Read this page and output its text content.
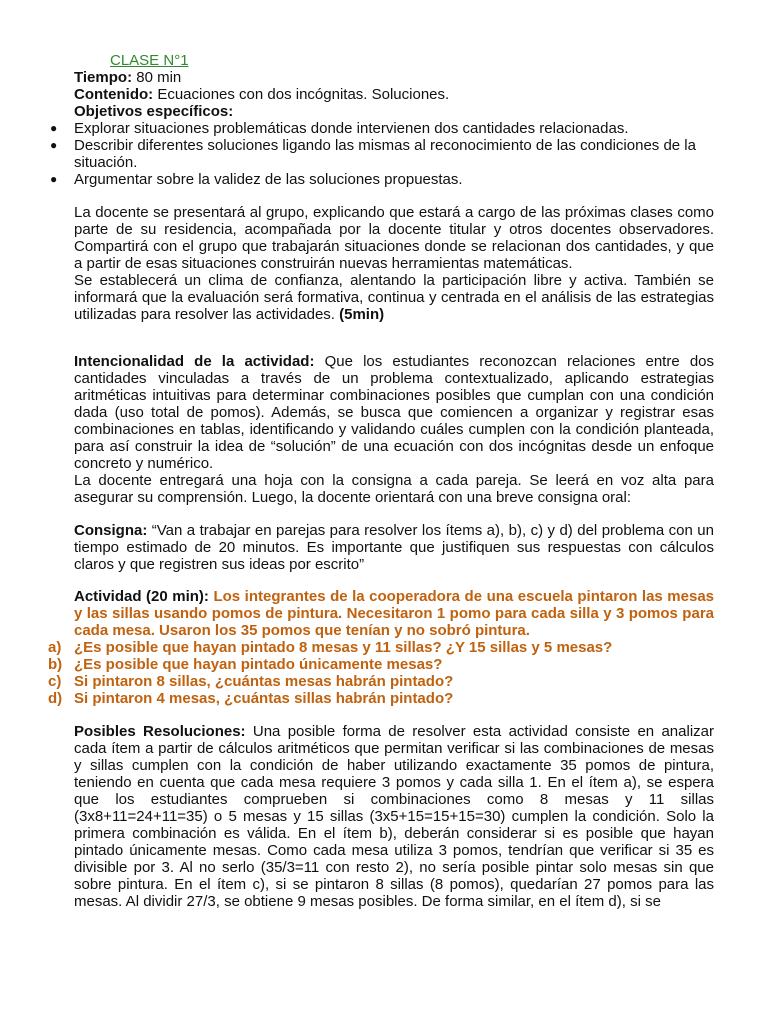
CLASE N°1
Tiempo: 80 min
Contenido: Ecuaciones con dos incógnitas. Soluciones.
Objetivos específicos:
● Explorar situaciones problemáticas donde intervienen dos cantidades relacionadas.
● Describir diferentes soluciones ligando las mismas al reconocimiento de las condiciones de la situación.
● Argumentar sobre la validez de las soluciones propuestas.

La docente se presentará al grupo, explicando que estará a cargo de las próximas clases como parte de su residencia, acompañada por la docente titular y otros docentes observadores. Compartirá con el grupo que trabajarán situaciones donde se relacionan dos cantidades, y que a partir de esas situaciones construirán nuevas herramientas matemáticas.

Se establecerá un clima de confianza, alentando la participación libre y activa. También se informará que la evaluación será formativa, continua y centrada en el análisis de las estrategias utilizadas para resolver las actividades. (5min)

Intencionalidad de la actividad: Que los estudiantes reconozcan relaciones entre dos cantidades vinculadas a través de un problema contextualizado, aplicando estrategias aritméticas intuitivas para determinar combinaciones posibles que cumplan con una condición dada (uso total de pomos). Además, se busca que comiencen a organizar y registrar esas combinaciones en tablas, identificando y validando cuáles cumplen con la condición planteada, para así construir la idea de “solución” de una ecuación con dos incógnitas desde un enfoque concreto y numérico.

La docente entregará una hoja con la consigna a cada pareja. Se leerá en voz alta para asegurar su comprensión. Luego, la docente orientará con una breve consigna oral:

Consigna: “Van a trabajar en parejas para resolver los ítems a), b), c) y d) del problema con un tiempo estimado de 20 minutos. Es importante que justifiquen sus respuestas con cálculos claros y que registren sus ideas por escrito”

Actividad (20 min): Los integrantes de la cooperadora de una escuela pintaron las mesas y las sillas usando pomos de pintura. Necesitaron 1 pomo para cada silla y 3 pomos para cada mesa. Usaron los 35 pomos que tenían y no sobró pintura.

a) ¿Es posible que hayan pintado 8 mesas y 11 sillas? ¿Y 15 sillas y 5 mesas?
b) ¿Es posible que hayan pintado únicamente mesas?
c) Si pintaron 8 sillas, ¿cuántas mesas habrán pintado?
d) Si pintaron 4 mesas, ¿cuántas sillas habrán pintado?

Posibles Resoluciones: Una posible forma de resolver esta actividad consiste en analizar cada ítem a partir de cálculos aritméticos que permitan verificar si las combinaciones de mesas y sillas cumplen con la condición de haber utilizando exactamente 35 pomos de pintura, teniendo en cuenta que cada mesa requiere 3 pomos y cada silla 1. En el ítem a), se espera que los estudiantes comprueben si combinaciones como 8 mesas y 11 sillas (3x8+11=24+11=35) o 5 mesas y 15 sillas (3x5+15=15+15=30) cumplen la condición. Solo la primera combinación es válida. En el ítem b), deberán considerar si es posible que hayan pintado únicamente mesas. Como cada mesa utiliza 3 pomos, tendrían que verificar si 35 es divisible por 3. Al no serlo (35/3=11 con resto 2), no sería posible pintar solo mesas sin que sobre pintura. En el ítem c), si se pintaron 8 sillas (8 pomos), quedarían 27 pomos para las mesas. Al dividir 27/3, se obtiene 9 mesas posibles. De forma similar, en el ítem d), si se
